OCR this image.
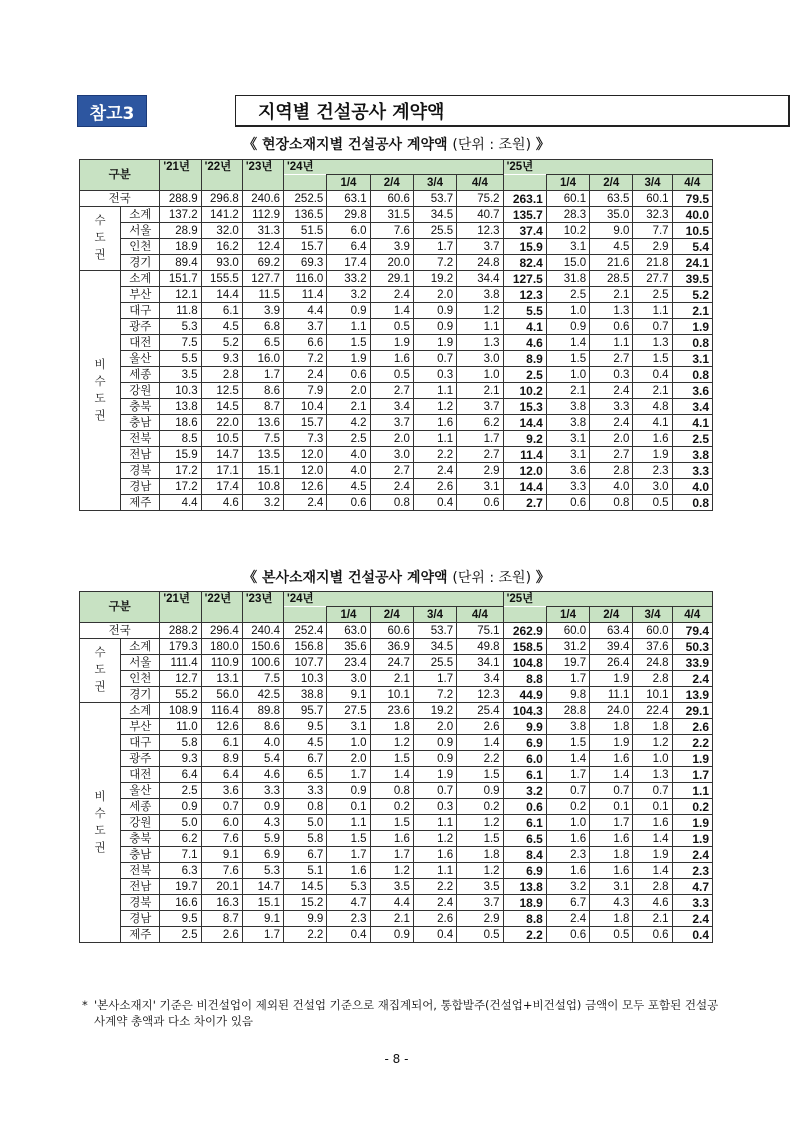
참고3	지역별 건설공사 계약액
《 현장소재지별 건설공사 계약액 (단위 : 조원) 》
구분		'21년	'22년	'23년	'24년					'25년				
						1/4	2/4	3/4	4/4		1/4	2/4	3/4	4/4
전국		288.9	296.8	240.6	252.5	63.1	60.6	53.7	75.2	263.1	60.1	63.5	60.1	79.5
수
도
권	소계	137.2	141.2	112.9	136.5	29.8	31.5	34.5	40.7	135.7	28.3	35.0	32.3	40.0
	서울	28.9	32.0	31.3	51.5	6.0	7.6	25.5	12.3	37.4	10.2	9.0	7.7	10.5
	인천	18.9	16.2	12.4	15.7	6.4	3.9	1.7	3.7	15.9	3.1	4.5	2.9	5.4
	경기	89.4	93.0	69.2	69.3	17.4	20.0	7.2	24.8	82.4	15.0	21.6	21.8	24.1
비
수
도
권	소계	151.7	155.5	127.7	116.0	33.2	29.1	19.2	34.4	127.5	31.8	28.5	27.7	39.5
	부산	12.1	14.4	11.5	11.4	3.2	2.4	2.0	3.8	12.3	2.5	2.1	2.5	5.2
	대구	11.8	6.1	3.9	4.4	0.9	1.4	0.9	1.2	5.5	1.0	1.3	1.1	2.1
	광주	5.3	4.5	6.8	3.7	1.1	0.5	0.9	1.1	4.1	0.9	0.6	0.7	1.9
	대전	7.5	5.2	6.5	6.6	1.5	1.9	1.9	1.3	4.6	1.4	1.1	1.3	0.8
	울산	5.5	9.3	16.0	7.2	1.9	1.6	0.7	3.0	8.9	1.5	2.7	1.5	3.1
	세종	3.5	2.8	1.7	2.4	0.6	0.5	0.3	1.0	2.5	1.0	0.3	0.4	0.8
	강원	10.3	12.5	8.6	7.9	2.0	2.7	1.1	2.1	10.2	2.1	2.4	2.1	3.6
	충북	13.8	14.5	8.7	10.4	2.1	3.4	1.2	3.7	15.3	3.8	3.3	4.8	3.4
	충남	18.6	22.0	13.6	15.7	4.2	3.7	1.6	6.2	14.4	3.8	2.4	4.1	4.1
	전북	8.5	10.5	7.5	7.3	2.5	2.0	1.1	1.7	9.2	3.1	2.0	1.6	2.5
	전남	15.9	14.7	13.5	12.0	4.0	3.0	2.2	2.7	11.4	3.1	2.7	1.9	3.8
	경북	17.2	17.1	15.1	12.0	4.0	2.7	2.4	2.9	12.0	3.6	2.8	2.3	3.3
	경남	17.2	17.4	10.8	12.6	4.5	2.4	2.6	3.1	14.4	3.3	4.0	3.0	4.0
	제주	4.4	4.6	3.2	2.4	0.6	0.8	0.4	0.6	2.7	0.6	0.8	0.5	0.8
《 본사소재지별 건설공사 계약액 (단위 : 조원) 》
구분		'21년	'22년	'23년	'24년					'25년				
						1/4	2/4	3/4	4/4		1/4	2/4	3/4	4/4
전국		288.2	296.4	240.4	252.4	63.0	60.6	53.7	75.1	262.9	60.0	63.4	60.0	79.4
수
도
권	소계	179.3	180.0	150.6	156.8	35.6	36.9	34.5	49.8	158.5	31.2	39.4	37.6	50.3
	서울	111.4	110.9	100.6	107.7	23.4	24.7	25.5	34.1	104.8	19.7	26.4	24.8	33.9
	인천	12.7	13.1	7.5	10.3	3.0	2.1	1.7	3.4	8.8	1.7	1.9	2.8	2.4
	경기	55.2	56.0	42.5	38.8	9.1	10.1	7.2	12.3	44.9	9.8	11.1	10.1	13.9
비
수
도
권	소계	108.9	116.4	89.8	95.7	27.5	23.6	19.2	25.4	104.3	28.8	24.0	22.4	29.1
	부산	11.0	12.6	8.6	9.5	3.1	1.8	2.0	2.6	9.9	3.8	1.8	1.8	2.6
	대구	5.8	6.1	4.0	4.5	1.0	1.2	0.9	1.4	6.9	1.5	1.9	1.2	2.2
	광주	9.3	8.9	5.4	6.7	2.0	1.5	0.9	2.2	6.0	1.4	1.6	1.0	1.9
	대전	6.4	6.4	4.6	6.5	1.7	1.4	1.9	1.5	6.1	1.7	1.4	1.3	1.7
	울산	2.5	3.6	3.3	3.3	0.9	0.8	0.7	0.9	3.2	0.7	0.7	0.7	1.1
	세종	0.9	0.7	0.9	0.8	0.1	0.2	0.3	0.2	0.6	0.2	0.1	0.1	0.2
	강원	5.0	6.0	4.3	5.0	1.1	1.5	1.1	1.2	6.1	1.0	1.7	1.6	1.9
	충북	6.2	7.6	5.9	5.8	1.5	1.6	1.2	1.5	6.5	1.6	1.6	1.4	1.9
	충남	7.1	9.1	6.9	6.7	1.7	1.7	1.6	1.8	8.4	2.3	1.8	1.9	2.4
	전북	6.3	7.6	5.3	5.1	1.6	1.2	1.1	1.2	6.9	1.6	1.6	1.4	2.3
	전남	19.7	20.1	14.7	14.5	5.3	3.5	2.2	3.5	13.8	3.2	3.1	2.8	4.7
	경북	16.6	16.3	15.1	15.2	4.7	4.4	2.4	3.7	18.9	6.7	4.3	4.6	3.3
	경남	9.5	8.7	9.1	9.9	2.3	2.1	2.6	2.9	8.8	2.4	1.8	2.1	2.4
	제주	2.5	2.6	1.7	2.2	0.4	0.9	0.4	0.5	2.2	0.6	0.5	0.6	0.4
* '본사소재지' 기준은 비건설업이 제외된 건설업 기준으로 재집계되어, 통합발주(건설업+비건설업) 금액이 모두 포함된 건설공사계약 총액과 다소 차이가 있음
- 8 -
